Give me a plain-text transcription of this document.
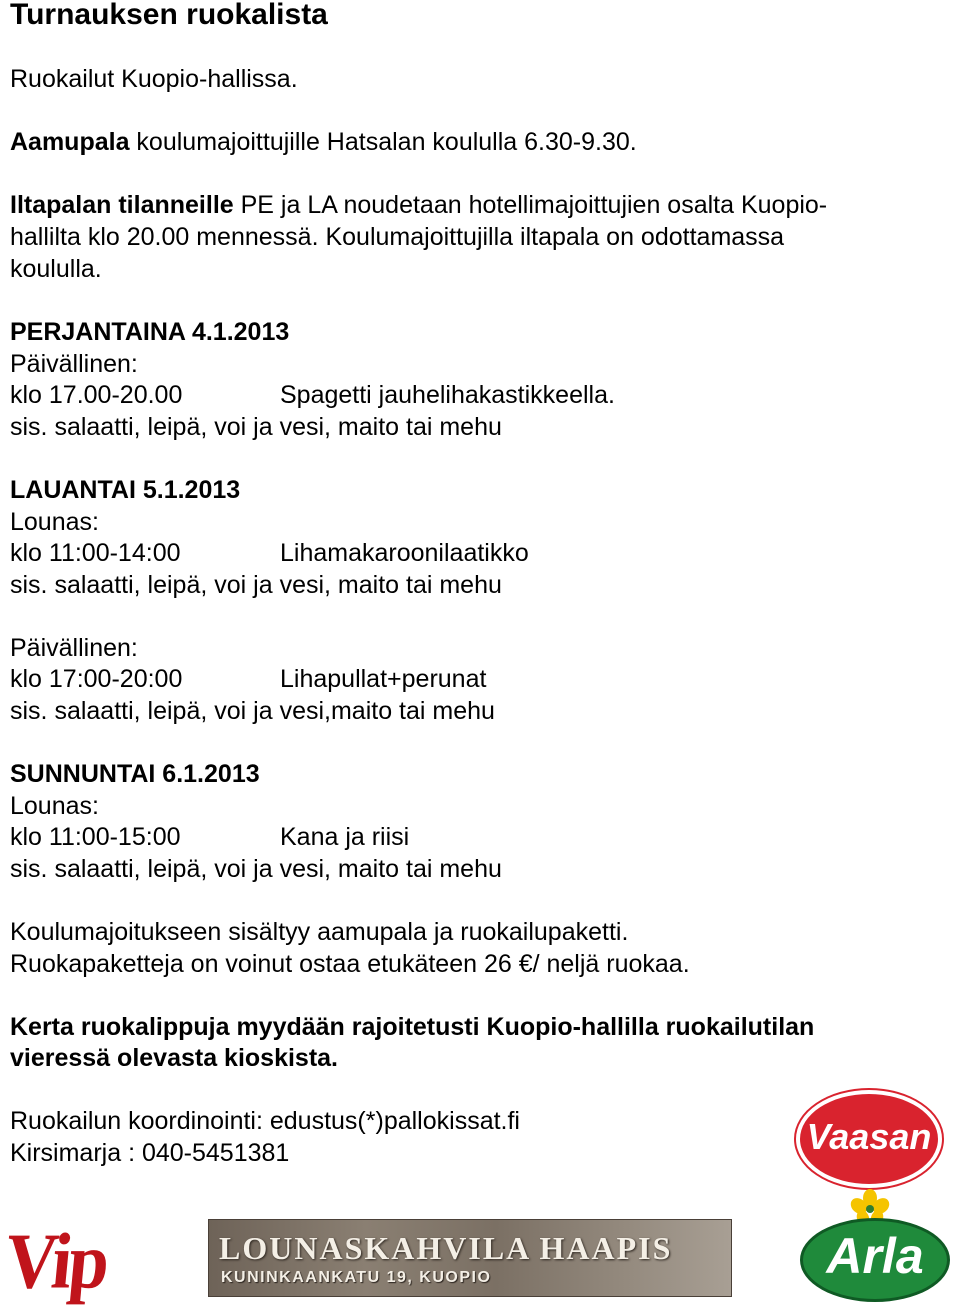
Turnauksen ruokalista
Ruokailut Kuopio-hallissa.
Aamupala koulumajoittujille Hatsalan koululla 6.30-9.30.
Iltapalan tilanneille PE ja LA noudetaan hotellimajoittujien osalta Kuopio-
hallilta klo 20.00 mennessä. Koulumajoittujilla iltapala on odottamassa
koululla.
PERJANTAINA 4.1.2013
Päivällinen:
klo 17.00-20.00	Spagetti jauhelihakastikkeella.
sis. salaatti, leipä, voi ja vesi, maito tai mehu
LAUANTAI 5.1.2013
Lounas:
klo 11:00-14:00	Lihamakaroonilaatikko
sis. salaatti, leipä, voi ja vesi, maito tai mehu
Päivällinen:
klo 17:00-20:00	Lihapullat+perunat
sis. salaatti, leipä, voi ja vesi,maito tai mehu
SUNNUNTAI 6.1.2013
Lounas:
klo 11:00-15:00	Kana ja riisi
sis. salaatti, leipä, voi ja vesi, maito tai mehu
Koulumajoitukseen sisältyy aamupala ja ruokailupaketti.
Ruokapaketteja on voinut ostaa etukäteen 26 €/ neljä ruokaa.
Kerta ruokalippuja myydään rajoitetusti Kuopio-hallilla ruokailutilan
vieressä olevasta kioskista.
Ruokailun koordinointi: edustus(*)pallokissat.fi
Kirsimarja : 040-5451381	Vaasan
Arla
Vip	LOUNASKAHVILA HAAPIS
KUNINKAANKATU 19, KUOPIO
